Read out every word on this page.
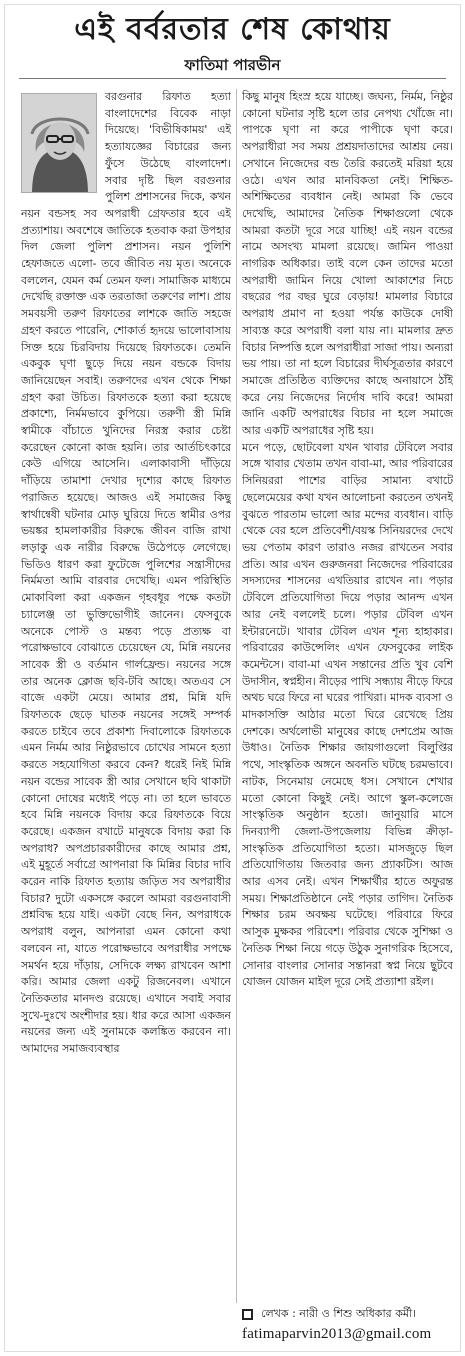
এই বর্বরতার শেষ কোথায়
ফাতিমা পারভীন

বরগুনার রিফাত হত্যা বাংলাদেশের বিবেক নাড়া দিয়েছে। 'বিভীষিকাময়' এই হত্যাযজ্ঞের বিচারের জন্য ফুঁসে উঠেছে বাংলাদেশ। সবার দৃষ্টি ছিল বরগুনার পুলিশ প্রশাসনের দিকে, কখন নয়ন বন্ডসহ সব অপরাধী গ্রেফতার হবে এই প্রত্যাশায়। অবশেষে জাতিকে হতবাক করা উপহার দিল জেলা পুলিশ প্রশাসন। নয়ন পুলিশি হেফাজতে এলো- তবে জীবিত নয় মৃত। অনেকে বললেন, যেমন কর্ম তেমন ফল। সামাজিক মাধ্যমে দেখেছি রক্তাক্ত এক তরতাজা তরুণের লাশ। প্রায় সমবয়সী তরুণ রিফাতের লাশকে জাতি সহজে গ্রহণ করতে পারেনি, শোকার্ত হৃদয়ে ভালোবাসায় সিক্ত হয়ে চিরবিদায় দিয়েছে রিফাতকে। তেমনি একবুক ঘৃণা ছুড়ে দিয়ে নয়ন বন্ডকে বিদায় জানিয়েছেন সবাই। তরুণদের এখন থেকে শিক্ষা গ্রহণ করা উচিত। রিফাতকে হত্যা করা হয়েছে প্রকাশ্যে, নির্মমভাবে কুপিয়ে। তরুণী স্ত্রী মিন্নি স্বামীকে বাঁচাতে খুনিদের নিরস্ত্র করার চেষ্টা করেছেন কোনো কাজ হয়নি। তার আর্তচিৎকারে কেউ এগিয়ে আসেনি। এলাকাবাসী দাঁড়িয়ে দাঁড়িয়ে তামাশা দেখার দৃশ্যের কাছে রিফাত পরাজিত হয়েছে। আজও এই সমাজের কিছু স্বার্থান্বেষী ঘটনার মোড় ঘুরিয়ে দিতে স্বামীর ওপর ভয়ঙ্কর হামলাকারীর বিরুদ্ধে জীবন বাজি রাখা লড়াকু এক নারীর বিরুদ্ধে উঠেপড়ে লেগেছে। ভিডিও ধারণ করা ফুটেজে পুলিশের সন্ত্রাসীদের নির্মমতা আমি বারবার দেখেছি। এমন পরিস্থিতি মোকাবিলা করা একজন গৃহবধূর পক্ষে কতটা চ্যালেঞ্জ তা ভুক্তিভোগীই জানেন। ফেসবুকে অনেকে পোস্ট ও মন্তব্য পড়ে প্রত্যক্ষ বা পরোক্ষভাবে বোঝাতে চেয়েছেন যে, মিন্নি নয়নের সাবেক স্ত্রী ও বর্তমান গার্লফ্রেন্ড। নয়নের সঙ্গে তার অনেক ক্লোজ ছবি-টবি আছে। অতএব সে বাজে একটা মেয়ে। আমার প্রশ্ন, মিন্নি যদি রিফাতকে ছেড়ে ঘাতক নয়নের সঙ্গেই সম্পর্ক করতে চাইবে তবে প্রকাশ্য দিবালোকে রিফাতকে এমন নির্মম আর নিষ্ঠুরভাবে চোখের সামনে হত্যা করতে সহযোগিতা করবে কেন? ধরেই নিই মিন্নি নয়ন বন্ডের সাবেক স্ত্রী আর সেখানে ছবি থাকাটা কোনো দোষের মধ্যেই পড়ে না। তা হলে ভাবতে হবে মিন্নি নয়নকে বিদায় করে রিফাতকে বিয়ে করেছে। একজন বখাটে মানুষকে বিদায় করা কি অপরাধ? অপপ্রচারকারীদের কাছে আমার প্রশ্ন, এই মুহূর্তে সর্বাগ্রে আপনারা কি মিন্নির বিচার দাবি করেন নাকি রিফাত হত্যায় জড়িত সব অপরাধীর বিচার? দুটো একসঙ্গে করলে আমরা বরগুনাবাসী প্রশ্নবিদ্ধ হয়ে যাই। একটা বেছে নিন, অপরাধকে অপরাধ বলুন, আপনারা এমন কোনো কথা বলবেন না, যাতে পরোক্ষভাবে অপরাধীর সপক্ষে সমর্থন হয়ে দাঁড়ায়, সেদিকে লক্ষ্য রাখবেন আশা করি। আমার জেলা একটু রিজনেবল। এখানে নৈতিকতার মানদণ্ড রয়েছে। এখানে সবাই সবার সুখে-দুঃখে অংশীদার হয়। ধার করে আসা একজন নয়নের জন্য এই সুনামকে কলঙ্কিত করবেন না। আমাদের সমাজব্যবস্থার

কিছু মানুষ হিংস্র হয়ে যাচ্ছে। জঘন্য, নির্মম, নিষ্ঠুর কোনো ঘটনার সৃষ্টি হলে তার নেপথ্য খোঁজে না। পাপকে ঘৃণা না করে পাপীকে ঘৃণা করে। অপরাধীরা সব সময় প্রশ্রয়দাতাদের আশ্রয় নেয়। সেখানে নিজেদের বন্ড তৈরি করতেই মরিয়া হয়ে ওঠে। এখন আর মানবিকতা নেই। শিক্ষিত-অশিক্ষিতের ব্যবধান নেই। আমরা কি ভেবে দেখেছি, আমাদের নৈতিক শিক্ষাগুলো থেকে আমরা কতটা দূরে সরে যাচ্ছি! এই নয়ন বন্ডের নামে অসংখ্য মামলা রয়েছে। জামিন পাওয়া নাগরিক অধিকার। তাই বলে কেন তাদের মতো অপরাধী জামিন নিয়ে খোলা আকাশের নিচে বছরের পর বছর ঘুরে বেড়ায়! মামলার বিচারে অপরাধ প্রমাণ না হওয়া পর্যন্ত কাউকে দোষী সাব্যস্ত করে অপরাধী বলা যায় না। মামলার দ্রুত বিচার নিষ্পত্তি হলে অপরাধীরা সাজা পায়। অন্যরা ভয় পায়। তা না হলে বিচারের দীর্ঘসূত্রতার কারণে সমাজে প্রতিষ্ঠিত ব্যক্তিদের কাছে অনায়াসে ঠাঁই করে নেয় নিজেদের নির্দোষ দাবি করে! আমরা জানি একটি অপরাধের বিচার না হলে সমাজে আর একটি অপরাধের সৃষ্টি হয়।

মনে পড়ে, ছোটবেলা যখন খাবার টেবিলে সবার সঙ্গে খাবার খেতাম তখন বাবা-মা, আর পরিবারের সিনিয়ররা পাশের বাড়ির সামান্য বখাটে ছেলেমেয়ের কথা যখন আলোচনা করতেন তখনই বুঝতে পারতাম ভালো আর মন্দের ব্যবধান। বাড়ি থেকে বের হলে প্রতিবেশী/বয়স্ক সিনিয়রদের দেখে ভয় পেতাম কারণ তারাও নজর রাখতেন সবার প্রতি। আর এখন গুরুজনরা নিজেদের পরিবারের সদস্যদের শাসনের এখতিয়ার রাখেন না। পড়ার টেবিলে প্রতিযোগিতা দিয়ে পড়ার আনন্দ এখন আর নেই বললেই চলে। পড়ার টেবিল এখন ইন্টারনেটে। খাবার টেবিল এখন শূন্য হাহাকার। পরিবারের কাউন্সেলিং এখন ফেসবুকের লাইক কমেন্টসে। বাবা-মা এখন সন্তানের প্রতি খুব বেশি উদাসীন, স্বপ্নহীন। নীড়ের পাখি সন্ধ্যায় নীড়ে ফিরে অথচ ঘরে ফিরে না ঘরের পাখিরা। মাদক ব্যবসা ও মাদকাসক্তি আঠার মতো ঘিরে রেখেছে প্রিয় দেশকে। অর্থলোভী মানুষের কাছে দেশপ্রেম আজ উধাও। নৈতিক শিক্ষার জায়গাগুলো বিলুপ্তির পথে, সাংস্কৃতিক অঙ্গনে অবনতি ঘটছে চরমভাবে। নাটক, সিনেমায় নেমেছে ধস। সেখানে শেখার মতো কোনো কিছুই নেই। আগে স্কুল-কলেজে সাংস্কৃতিক অনুষ্ঠান হতো। জানুয়ারি মাসে দিনব্যাপী জেলা-উপজেলায় বিভিন্ন ক্রীড়া-সাংস্কৃতিক প্রতিযোগিতা হতো। মাসজুড়ে ছিল প্রতিযোগিতায় জিতবার জন্য প্র্যাকটিস। আজ আর এসব নেই। এখন শিক্ষার্থীর হাতে অফুরন্ত সময়। শিক্ষাপ্রতিষ্ঠানে নেই পড়ার তাগিদ। নৈতিক শিক্ষার চরম অবক্ষয় ঘটেছে। পরিবারে ফিরে আসুক মুক্ষকর পরিবেশ। পরিবার থেকে সুশিক্ষা ও নৈতিক শিক্ষা নিয়ে গড়ে উঠুক সুনাগরিক হিসেবে, সোনার বাংলার সোনার সন্তানরা স্বপ্ন নিয়ে ছুটবে যোজন যোজন মাইল দূরে সেই প্রত্যাশা রইল।

লেখক : নারী ও শিশু অধিকার কর্মী।
fatimaparvin2013@gmail.com
